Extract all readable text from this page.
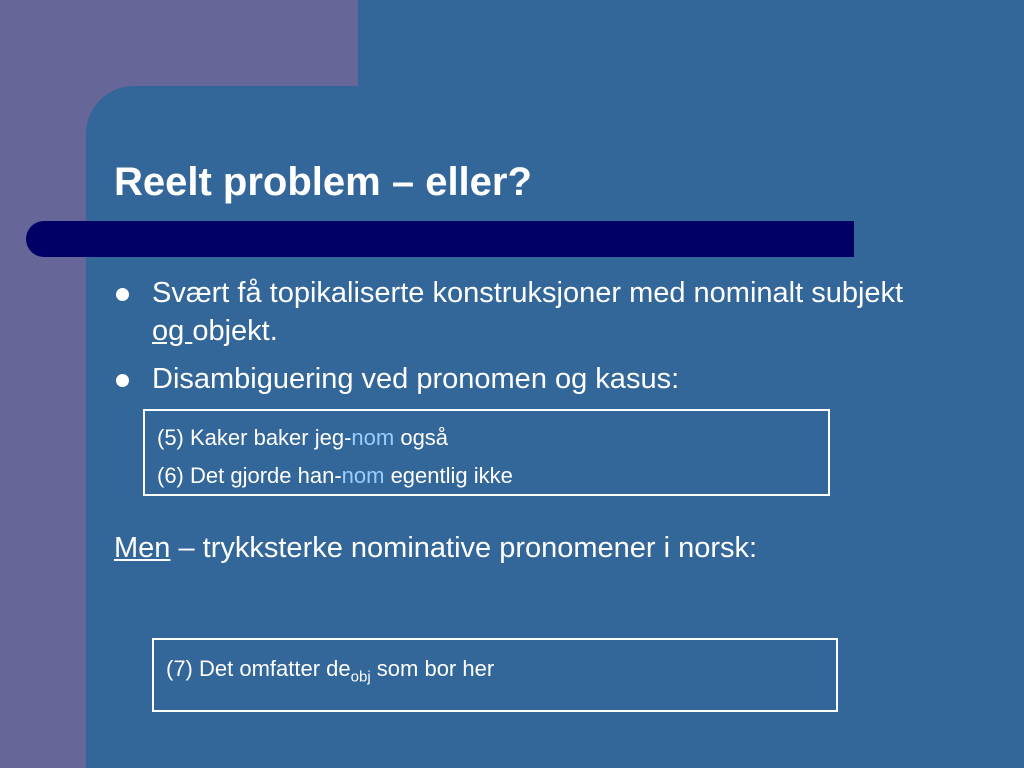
Reelt problem – eller?
Svært få topikaliserte konstruksjoner med nominalt subjekt og objekt.
Disambiguering ved pronomen og kasus:
(5) Kaker baker jeg-nom også
(6) Det gjorde han-nom egentlig ikke
Men – trykksterke nominative pronomener i norsk:
(7) Det omfatter $de_{obj}$ som bor her
